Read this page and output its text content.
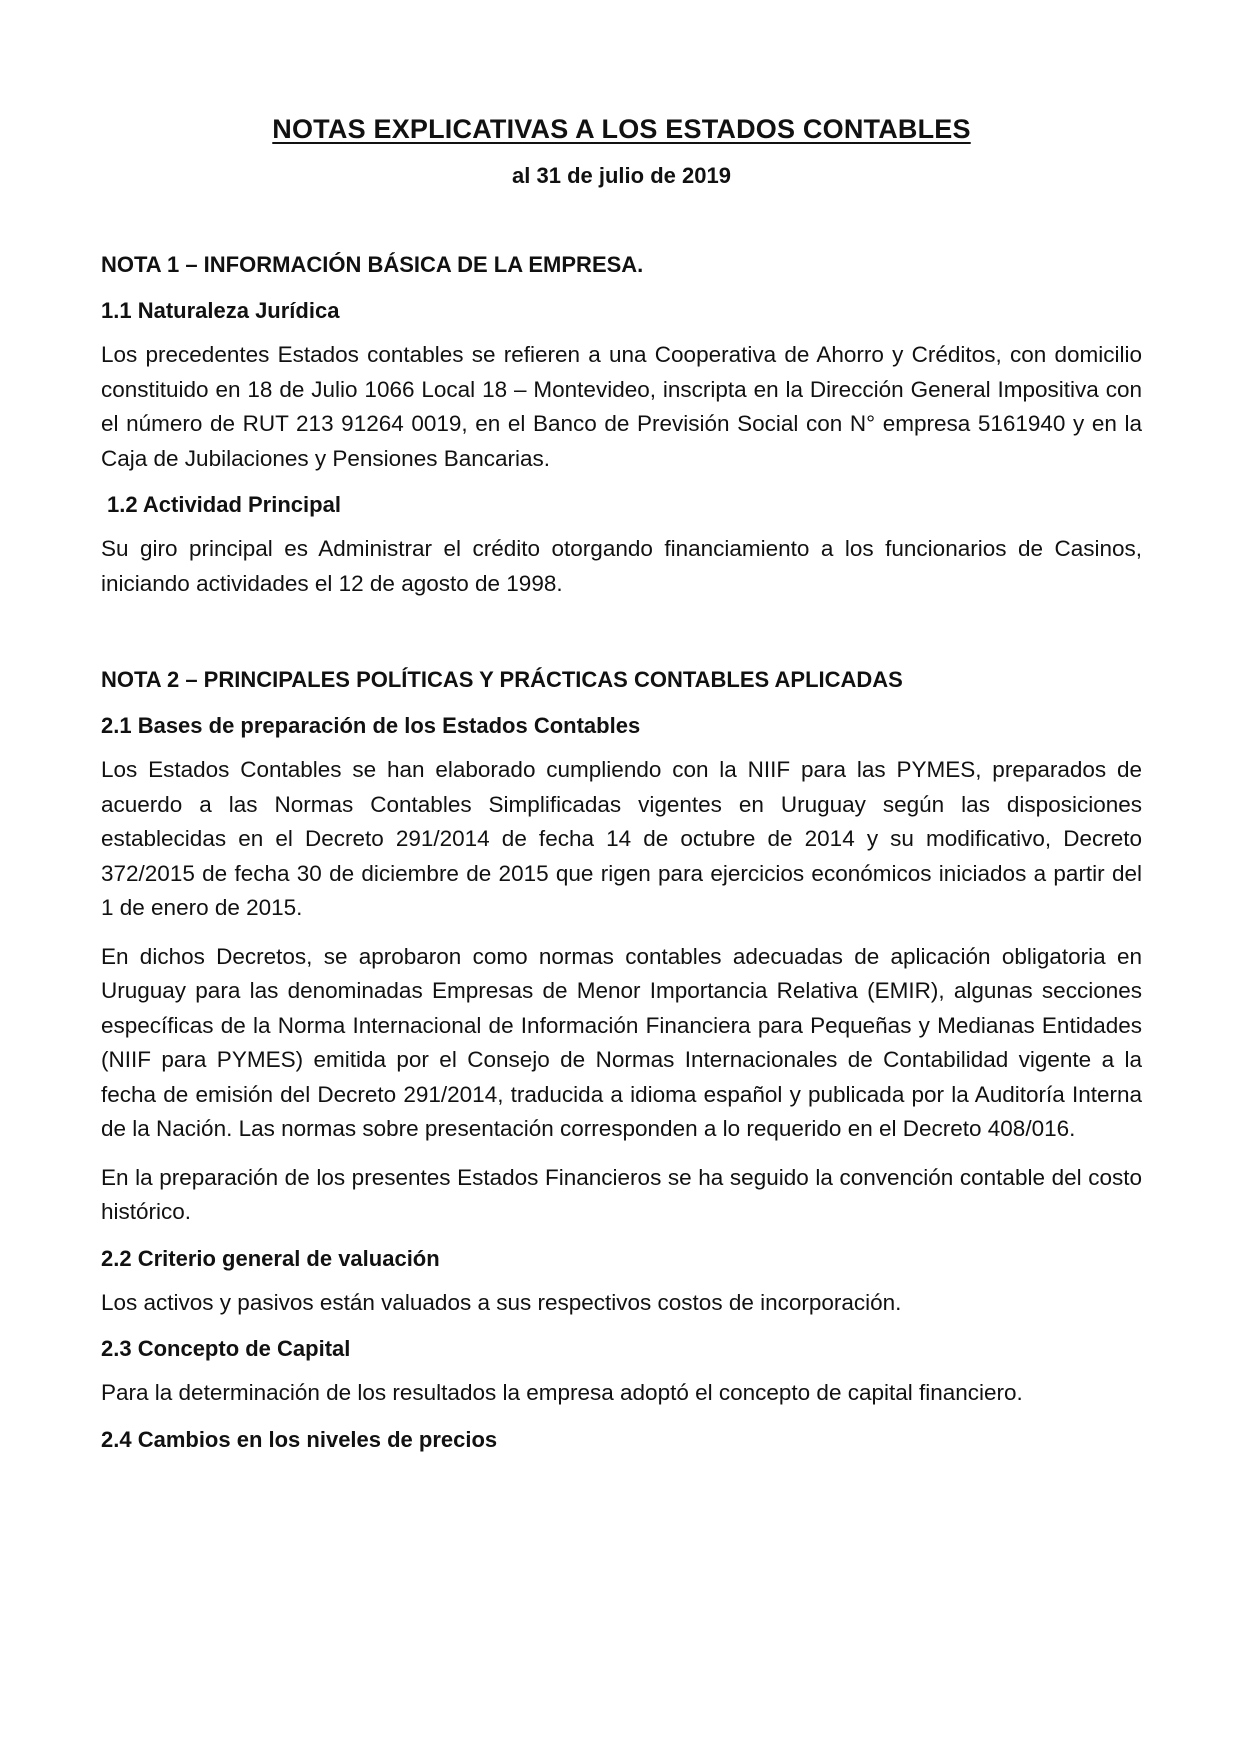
NOTAS EXPLICATIVAS A LOS ESTADOS CONTABLES

al 31 de julio de 2019

NOTA 1 – INFORMACIÓN BÁSICA DE LA EMPRESA.
1.1 Naturaleza Jurídica

Los precedentes Estados contables se refieren a una Cooperativa de Ahorro y Créditos, con domicilio constituido en 18 de Julio 1066 Local 18 – Montevideo, inscripta en la Dirección General Impositiva con el número de RUT 213 91264 0019, en el Banco de Previsión Social con N° empresa 5161940 y en la Caja de Jubilaciones y Pensiones Bancarias.

1.2 Actividad Principal

Su giro principal es Administrar el crédito otorgando financiamiento a los funcionarios de Casinos, iniciando actividades el 12 de agosto de 1998.

NOTA 2 – PRINCIPALES POLÍTICAS Y PRÁCTICAS CONTABLES APLICADAS
2.1 Bases de preparación de los Estados Contables

Los Estados Contables se han elaborado cumpliendo con la NIIF para las PYMES, preparados de acuerdo a las Normas Contables Simplificadas vigentes en Uruguay según las disposiciones establecidas en el Decreto 291/2014 de fecha 14 de octubre de 2014 y su modificativo, Decreto 372/2015 de fecha 30 de diciembre de 2015 que rigen para ejercicios económicos iniciados a partir del 1 de enero de 2015.

En dichos Decretos, se aprobaron como normas contables adecuadas de aplicación obligatoria en Uruguay para las denominadas Empresas de Menor Importancia Relativa (EMIR), algunas secciones específicas de la Norma Internacional de Información Financiera para Pequeñas y Medianas Entidades (NIIF para PYMES) emitida por el Consejo de Normas Internacionales de Contabilidad vigente a la fecha de emisión del Decreto 291/2014, traducida a idioma español y publicada por la Auditoría Interna de la Nación. Las normas sobre presentación corresponden a lo requerido en el Decreto 408/016.

En la preparación de los presentes Estados Financieros se ha seguido la convención contable del costo histórico.

2.2 Criterio general de valuación

Los activos y pasivos están valuados a sus respectivos costos de incorporación.

2.3 Concepto de Capital

Para la determinación de los resultados la empresa adoptó el concepto de capital financiero.

2.4 Cambios en los niveles de precios
